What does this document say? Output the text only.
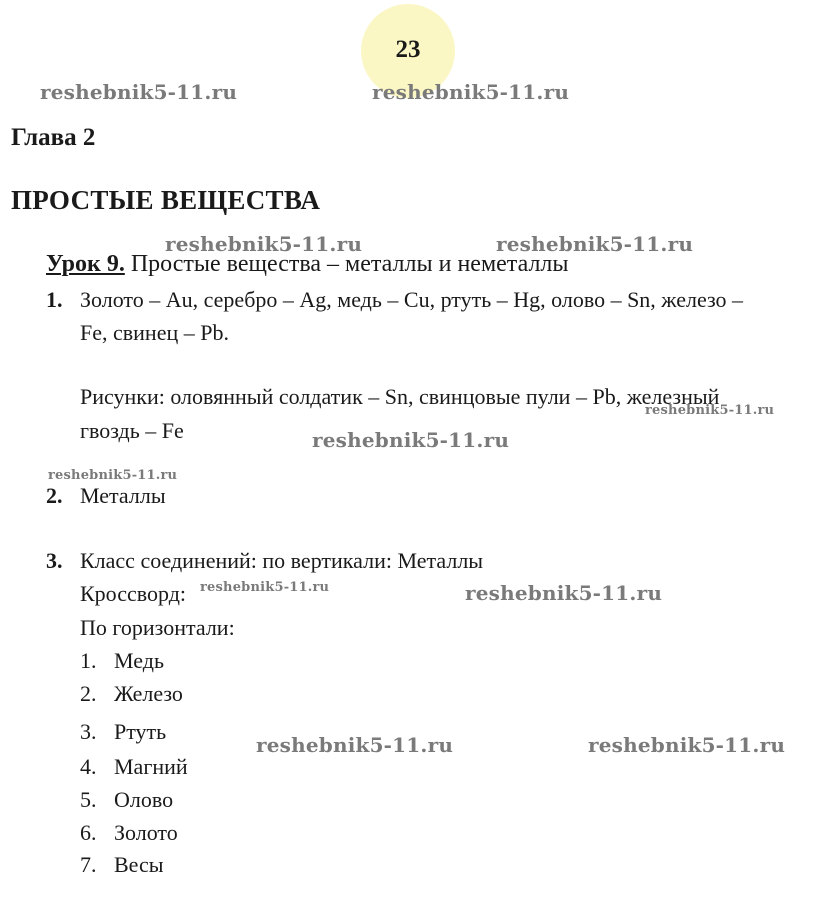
23
reshebnik5-11.ru	reshebnik5-11.ru
reshebnik5-11.ru	reshebnik5-11.ru
reshebnik5-11.ru
reshebnik5-11.ru
reshebnik5-11.ru
reshebnik5-11.ru	reshebnik5-11.ru
reshebnik5-11.ru	reshebnik5-11.ru
Глава 2
ПРОСТЫЕ ВЕЩЕСТВА
Урок 9. Простые вещества – металлы и неметаллы
1. Золото – Au, серебро – Ag, медь – Cu, ртуть – Hg, олово – Sn, железо –
Fe, свинец – Pb.
Рисунки: оловянный солдатик – Sn, свинцовые пули – Pb, железный
гвоздь – Fe
2. Металлы
3. Класс соединений: по вертикали: Металлы
Кроссворд:
По горизонтали:
1. Медь
2. Железо
3. Ртуть
4. Магний
5. Олово
6. Золото
7. Весы
